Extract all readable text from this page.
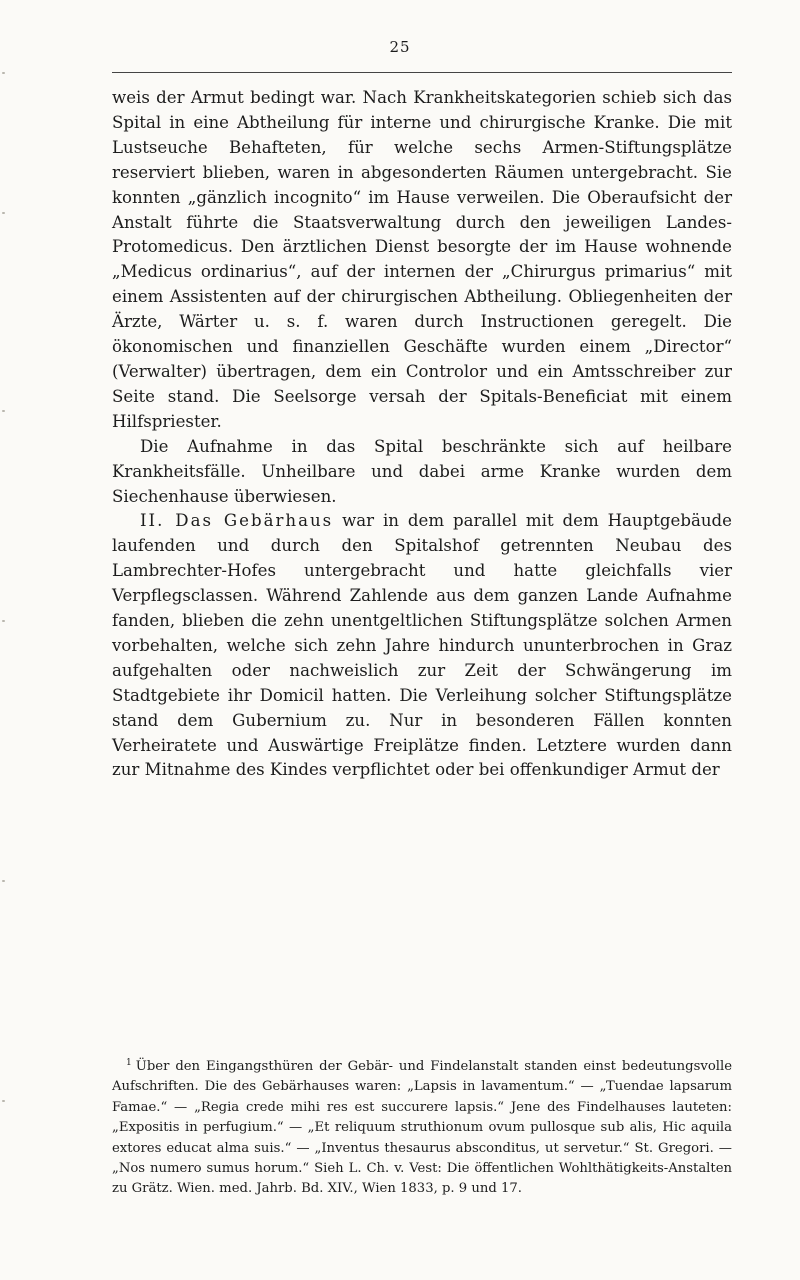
25

weis der Armut bedingt war. Nach Krankheitskategorien schieb sich das Spital in eine Abtheilung für interne und chirurgische Kranke. Die mit Lustseuche Behafteten, für welche sechs Armen-Stiftungsplätze reserviert blieben, waren in abgesonderten Räumen untergebracht. Sie konnten „gänzlich incognito“ im Hause verweilen. Die Oberaufsicht der Anstalt führte die Staatsverwaltung durch den jeweiligen Landes-Protomedicus. Den ärztlichen Dienst besorgte der im Hause wohnende „Medicus ordinarius“, auf der internen der „Chirurgus primarius“ mit einem Assistenten auf der chirurgischen Abtheilung. Obliegenheiten der Ärzte, Wärter u. s. f. waren durch Instructionen geregelt. Die ökonomischen und finanziellen Geschäfte wurden einem „Director“ (Verwalter) übertragen, dem ein Controlor und ein Amtsschreiber zur Seite stand. Die Seelsorge versah der Spitals-Beneficiat mit einem Hilfspriester.

Die Aufnahme in das Spital beschränkte sich auf heilbare Krankheitsfälle. Unheilbare und dabei arme Kranke wurden dem Siechenhause überwiesen.

II. Das Gebärhaus war in dem parallel mit dem Hauptgebäude laufenden und durch den Spitalshof getrennten Neubau des Lambrechter-Hofes untergebracht und hatte gleichfalls vier Verpflegsclassen. Während Zahlende aus dem ganzen Lande Aufnahme fanden, blieben die zehn unentgeltlichen Stiftungsplätze solchen Armen vorbehalten, welche sich zehn Jahre hindurch ununterbrochen in Graz aufgehalten oder nachweislich zur Zeit der Schwängerung im Stadtgebiete ihr Domicil hatten. Die Verleihung solcher Stiftungsplätze stand dem Gubernium zu. Nur in besonderen Fällen konnten Verheiratete und Auswärtige Freiplätze finden. Letztere wurden dann zur Mitnahme des Kindes verpflichtet oder bei offenkundiger Armut der

$^1$ Über den Eingangsthüren der Gebär- und Findelanstalt standen einst bedeutungsvolle Aufschriften. Die des Gebärhauses waren: „Lapsis in lavamentum.“ — „Tuendae lapsarum Famae.“ — „Regia crede mihi res est succurere lapsis.“ Jene des Findelhauses lauteten: „Expositis in perfugium.“ — „Et reliquum struthionum ovum pullosque sub alis, Hic aquila extores educat alma suis.“ — „Inventus thesaurus absconditus, ut servetur.“ St. Gregori. — „Nos numero sumus horum.“ Sieh L. Ch. v. Vest: Die öffentlichen Wohlthätigkeits-Anstalten zu Grätz. Wien. med. Jahrb. Bd. XIV., Wien 1833, p. 9 und 17.
